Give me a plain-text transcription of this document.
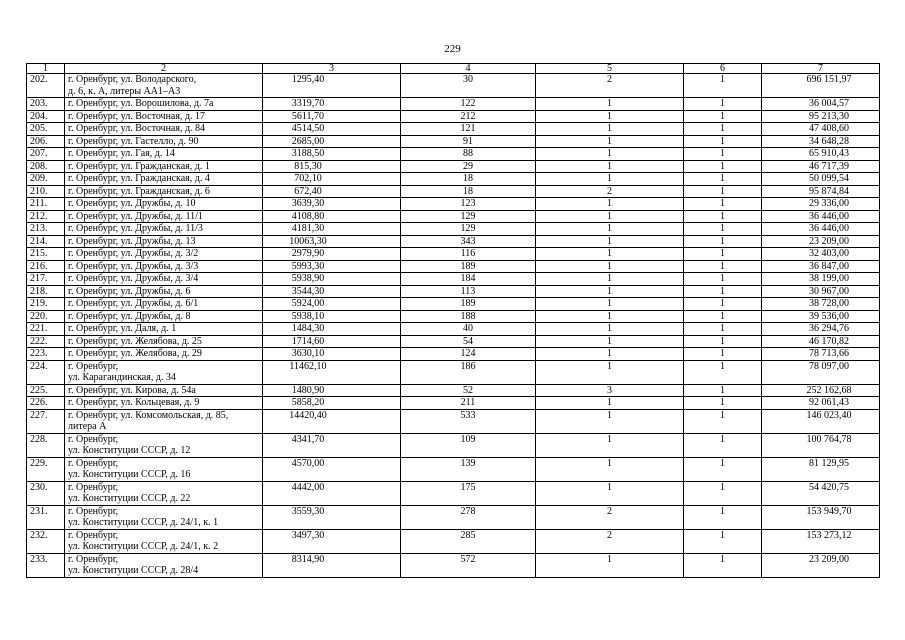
229
1	2	3	4	5	6	7
202.	г. Оренбург, ул. Володарского,
д. 6, к. А, литеры АА1–А3	1295,40	30	2	1	696 151,97
203.	г. Оренбург, ул. Ворошилова, д. 7а	3319,70	122	1	1	36 004,57
204.	г. Оренбург, ул. Восточная, д. 17	5611,70	212	1	1	95 213,30
205.	г. Оренбург, ул. Восточная, д. 84	4514,50	121	1	1	47 408,60
206.	г. Оренбург, ул. Гастелло, д. 90	2685,00	91	1	1	34 648,28
207.	г. Оренбург, ул. Гая, д. 14	3188,50	88	1	1	65 910,43
208.	г. Оренбург, ул. Гражданская, д. 1	815,30	29	1	1	46 717,39
209.	г. Оренбург, ул. Гражданская, д. 4	702,10	18	1	1	50 099,54
210.	г. Оренбург, ул. Гражданская, д. 6	672,40	18	2	1	95 874,84
211.	г. Оренбург, ул. Дружбы, д. 10	3639,30	123	1	1	29 336,00
212.	г. Оренбург, ул. Дружбы, д. 11/1	4108,80	129	1	1	36 446,00
213.	г. Оренбург, ул. Дружбы, д. 11/3	4181,30	129	1	1	36 446,00
214.	г. Оренбург, ул. Дружбы, д. 13	10063,30	343	1	1	23 209,00
215.	г. Оренбург, ул. Дружбы, д. 3/2	2979,90	116	1	1	32 403,00
216.	г. Оренбург, ул. Дружбы, д. 3/3	5993,30	189	1	1	36 847,00
217.	г. Оренбург, ул. Дружбы, д. 3/4	5938,90	184	1	1	38 199,00
218.	г. Оренбург, ул. Дружбы, д. 6	3544,30	113	1	1	30 967,00
219.	г. Оренбург, ул. Дружбы, д. 6/1	5924,00	189	1	1	38 728,00
220.	г. Оренбург, ул. Дружбы, д. 8	5938,10	188	1	1	39 536,00
221.	г. Оренбург, ул. Даля, д. 1	1484,30	40	1	1	36 294,76
222.	г. Оренбург, ул. Желябова, д. 25	1714,60	54	1	1	46 170,82
223.	г. Оренбург, ул. Желябова, д. 29	3630,10	124	1	1	78 713,66
224.	г. Оренбург,
ул. Карагандинская, д. 34	11462,10	186	1	1	78 097,00
225.	г. Оренбург, ул. Кирова, д. 54а	1480,90	52	3	1	252 162,68
226.	г. Оренбург, ул. Кольцевая, д. 9	5858,20	211	1	1	92 061,43
227.	г. Оренбург, ул. Комсомольская, д. 85,
литера А	14420,40	533	1	1	146 023,40
228.	г. Оренбург,
ул. Конституции СССР, д. 12	4341,70	109	1	1	100 764,78
229.	г. Оренбург,
ул. Конституции СССР, д. 16	4570,00	139	1	1	81 129,95
230.	г. Оренбург,
ул. Конституции СССР, д. 22	4442,00	175	1	1	54 420,75
231.	г. Оренбург,
ул. Конституции СССР, д. 24/1, к. 1	3559,30	278	2	1	153 949,70
232.	г. Оренбург,
ул. Конституции СССР, д. 24/1, к. 2	3497,30	285	2	1	153 273,12
233.	г. Оренбург,
ул. Конституции СССР, д. 28/4	8314,90	572	1	1	23 209,00
